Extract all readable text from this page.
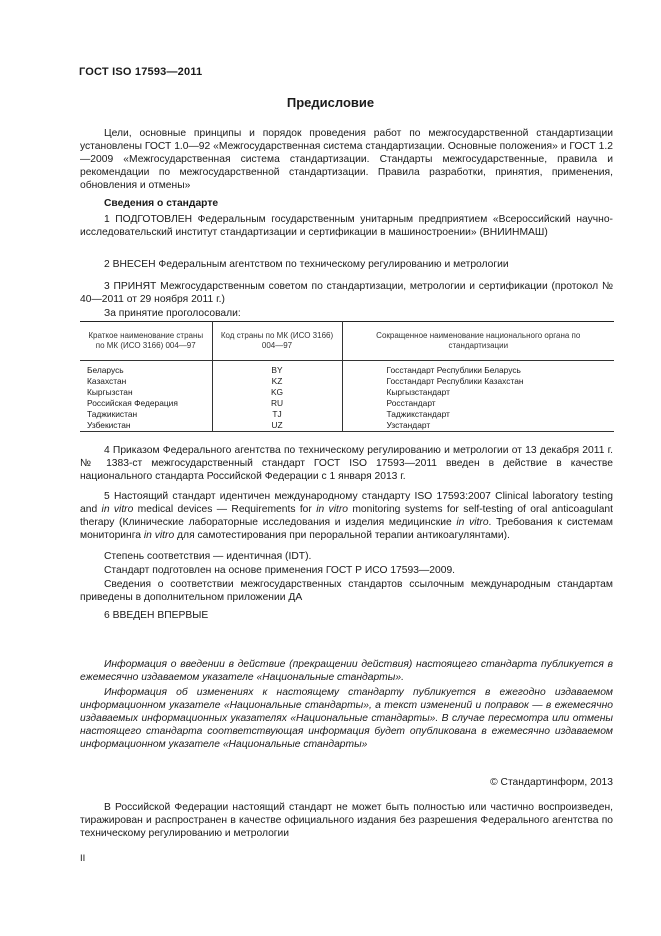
ГОСТ ISO 17593—2011
Предисловие
Цели, основные принципы и порядок проведения работ по межгосударственной стандартизации установлены ГОСТ 1.0—92 «Межгосударственная система стандартизации. Основные положения» и ГОСТ 1.2—2009 «Межгосударственная система стандартизации. Стандарты межгосударственные, правила и рекомендации по межгосударственной стандартизации. Правила разработки, принятия, применения, обновления и отмены»
Сведения о стандарте
1 ПОДГОТОВЛЕН Федеральным государственным унитарным предприятием «Всероссийский научно-исследовательский институт стандартизации и сертификации в машиностроении» (ВНИИНМАШ)
2 ВНЕСЕН Федеральным агентством по техническому регулированию и метрологии
3 ПРИНЯТ Межгосударственным советом по стандартизации, метрологии и сертификации (протокол № 40—2011 от 29 ноября 2011 г.)
За принятие проголосовали:
Краткое наименование страны по МК (ИСО 3166) 004—97	Код страны по МК (ИСО 3166) 004—97	Сокращенное наименование национального органа по стандартизации
Беларусь	BY	Госстандарт Республики Беларусь
Казахстан	KZ	Госстандарт Республики Казахстан
Кыргызстан	KG	Кыргызстандарт
Российская Федерация	RU	Росстандарт
Таджикистан	TJ	Таджикстандарт
Узбекистан	UZ	Узстандарт
4 Приказом Федерального агентства по техническому регулированию и метрологии от 13 декабря 2011 г. № 1383-ст межгосударственный стандарт ГОСТ ISO 17593—2011 введен в действие в качестве национального стандарта Российской Федерации с 1 января 2013 г.
5 Настоящий стандарт идентичен международному стандарту ISO 17593:2007 Clinical laboratory testing and in vitro medical devices — Requirements for in vitro monitoring systems for self-testing of oral anticoagulant therapy (Клинические лабораторные исследования и изделия медицинские in vitro. Требования к системам мониторинга in vitro для самотестирования при пероральной терапии антикоагулянтами).
Степень соответствия — идентичная (IDT).
Стандарт подготовлен на основе применения ГОСТ Р ИСО 17593—2009.
Сведения о соответствии межгосударственных стандартов ссылочным международным стандартам приведены в дополнительном приложении ДА
6 ВВЕДЕН ВПЕРВЫЕ
Информация о введении в действие (прекращении действия) настоящего стандарта публикуется в ежемесячно издаваемом указателе «Национальные стандарты».
Информация об изменениях к настоящему стандарту публикуется в ежегодно издаваемом информационном указателе «Национальные стандарты», а текст изменений и поправок — в ежемесячно издаваемых информационных указателях «Национальные стандарты». В случае пересмотра или отмены настоящего стандарта соответствующая информация будет опубликована в ежемесячно издаваемом информационном указателе «Национальные стандарты»
© Стандартинформ, 2013
В Российской Федерации настоящий стандарт не может быть полностью или частично воспроизведен, тиражирован и распространен в качестве официального издания без разрешения Федерального агентства по техническому регулированию и метрологии
II
